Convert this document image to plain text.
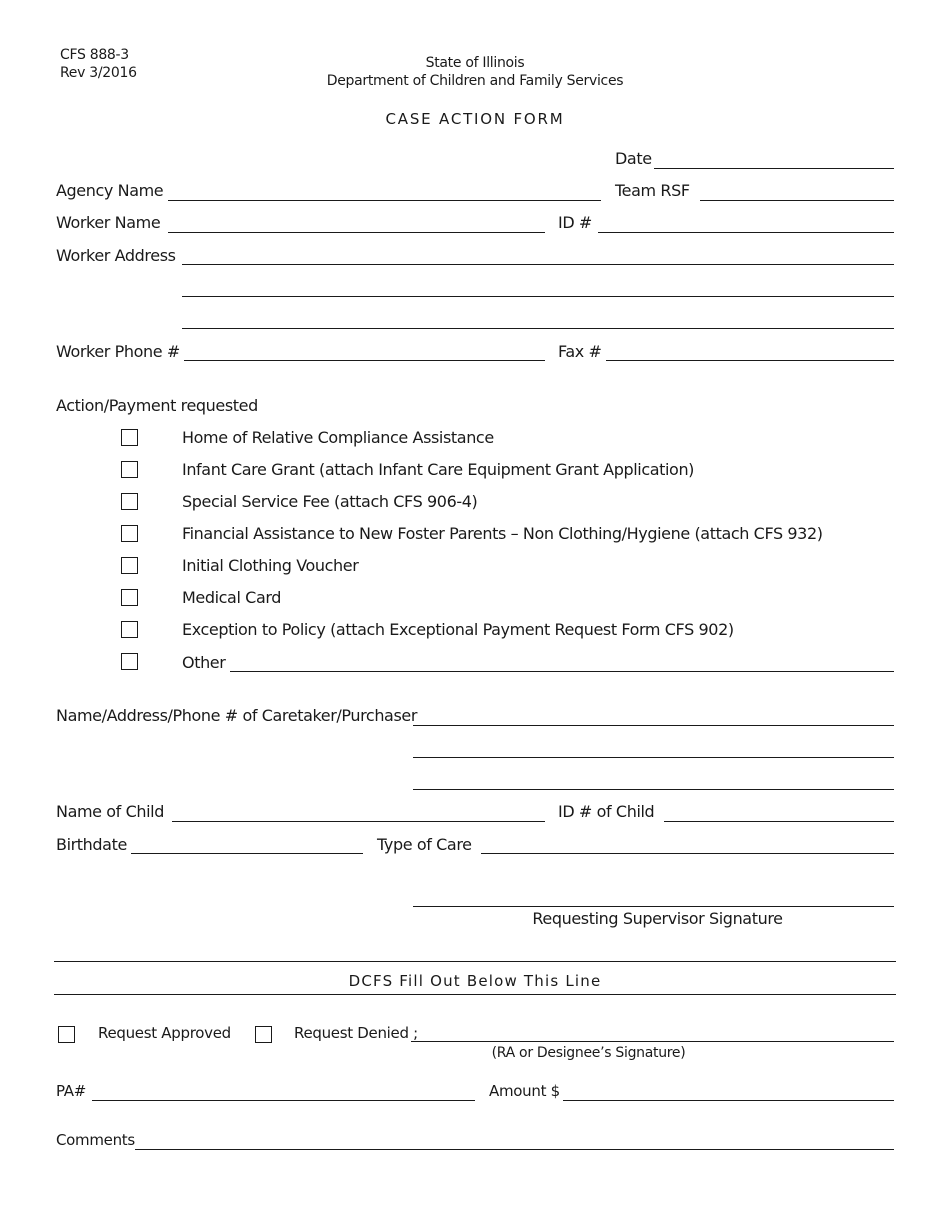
CFS 888-3
Rev 3/2016
State of Illinois
Department of Children and Family Services
CASE ACTION FORM
Date
Agency Name	Team RSF
Worker Name	ID #
Worker Address
Worker Phone #	Fax #
Action/Payment requested
Home of Relative Compliance Assistance
Infant Care Grant (attach Infant Care Equipment Grant Application)
Special Service Fee (attach CFS 906-4)
Financial Assistance to New Foster Parents – Non Clothing/Hygiene (attach CFS 932)
Initial Clothing Voucher
Medical Card
Exception to Policy (attach Exceptional Payment Request Form CFS 902)
Other
Name/Address/Phone # of Caretaker/Purchaser
Name of Child	ID # of Child
Birthdate	Type of Care
Requesting Supervisor Signature
DCFS Fill Out Below This Line
Request Approved	Request Denied ;
(RA or Designee’s Signature)
PA#	Amount $
Comments
